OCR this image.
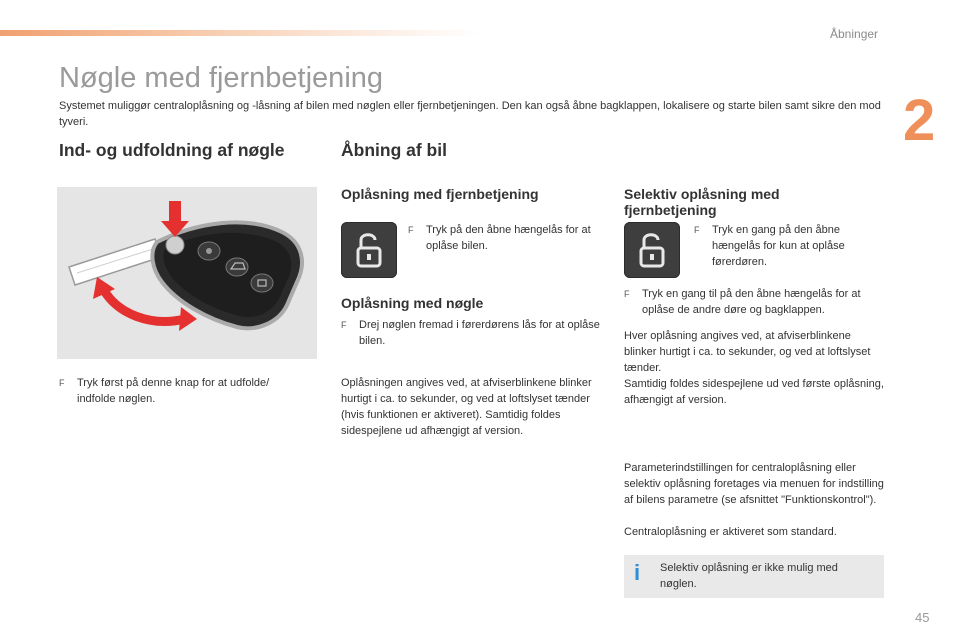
Åbninger
2
Nøgle med fjernbetjening

Systemet muliggør centraloplåsning og -låsning af bilen med nøglen eller fjernbetjeningen. Den kan også åbne bagklappen, lokalisere og starte bilen samt sikre den mod tyveri.

Ind- og udfoldning af nøgle
F	Tryk først på denne knap for at udfolde/ indfolde nøglen.
Åbning af bil
Oplåsning med fjernbetjening
F	Tryk på den åbne hængelås for at oplåse bilen.
Oplåsning med nøgle
F	Drej nøglen fremad i førerdørens lås for at oplåse bilen.

Oplåsningen angives ved, at afviserblinkene blinker hurtigt i ca. to sekunder, og ved at loftslyset tænder (hvis funktionen er aktiveret). Samtidig foldes sidespejlene ud afhængigt af version.

Selektiv oplåsning med fjernbetjening
F	Tryk en gang på den åbne hængelås for kun at oplåse førerdøren.
F	Tryk en gang til på den åbne hængelås for at oplåse de andre døre og bagklappen.

Hver oplåsning angives ved, at afviserblinkene blinker hurtigt i ca. to sekunder, og ved at loftslyset tænder.

Samtidig foldes sidespejlene ud ved første oplåsning, afhængigt af version.

Parameterindstillingen for centraloplåsning eller selektiv oplåsning foretages via menuen for indstilling af bilens parametre (se afsnittet "Funktionskontrol").

Centraloplåsning er aktiveret som standard.

i Selektiv oplåsning er ikke mulig med nøglen.

45
